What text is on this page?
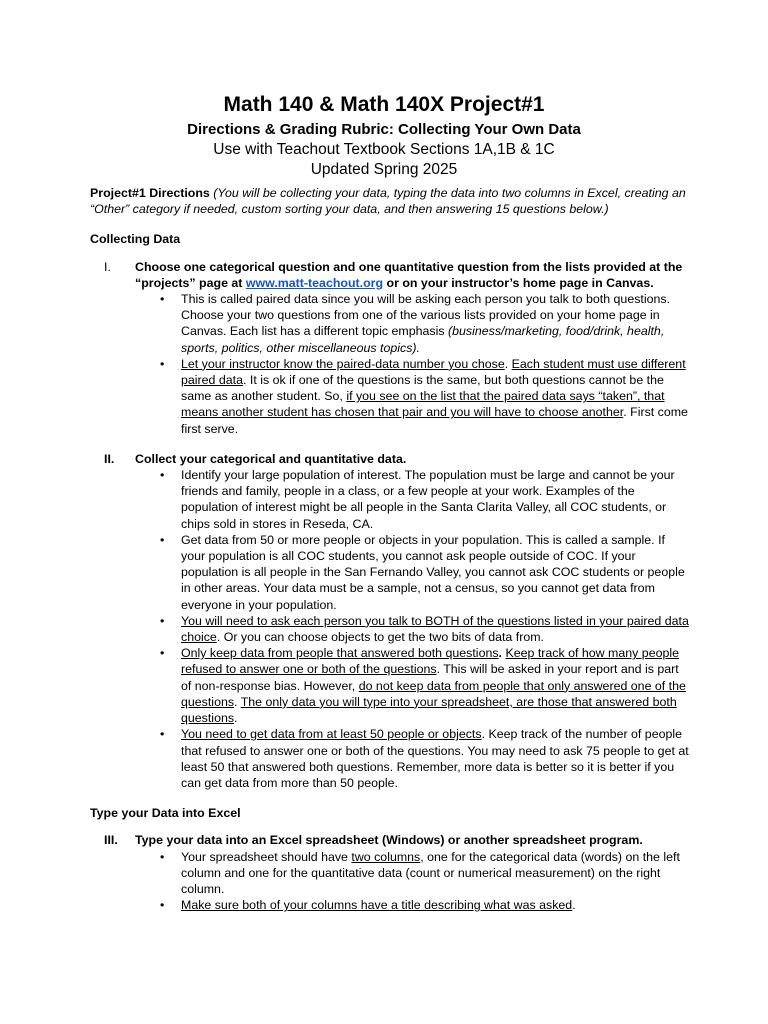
Math 140 & Math 140X Project#1
Directions & Grading Rubric: Collecting Your Own Data
Use with Teachout Textbook Sections 1A,1B & 1C
Updated Spring 2025

Project#1 Directions (You will be collecting your data, typing the data into two columns in Excel, creating an “Other” category if needed, custom sorting your data, and then answering 15 questions below.)

Collecting Data
I.	Choose one categorical question and one quantitative question from the lists provided at the “projects” page at www.matt-teachout.org or on your instructor’s home page in Canvas.
• This is called paired data since you will be asking each person you talk to both questions. Choose your two questions from one of the various lists provided on your home page in Canvas. Each list has a different topic emphasis (business/marketing, food/drink, health, sports, politics, other miscellaneous topics).
• Let your instructor know the paired-data number you chose. Each student must use different paired data. It is ok if one of the questions is the same, but both questions cannot be the same as another student. So, if you see on the list that the paired data says “taken”, that means another student has chosen that pair and you will have to choose another. First come first serve.
II.	Collect your categorical and quantitative data.
• Identify your large population of interest. The population must be large and cannot be your friends and family, people in a class, or a few people at your work. Examples of the population of interest might be all people in the Santa Clarita Valley, all COC students, or chips sold in stores in Reseda, CA.
• Get data from 50 or more people or objects in your population. This is called a sample. If your population is all COC students, you cannot ask people outside of COC. If your population is all people in the San Fernando Valley, you cannot ask COC students or people in other areas. Your data must be a sample, not a census, so you cannot get data from everyone in your population.
• You will need to ask each person you talk to BOTH of the questions listed in your paired data choice. Or you can choose objects to get the two bits of data from.
• Only keep data from people that answered both questions. Keep track of how many people refused to answer one or both of the questions. This will be asked in your report and is part of non-response bias. However, do not keep data from people that only answered one of the questions. The only data you will type into your spreadsheet, are those that answered both questions.
• You need to get data from at least 50 people or objects. Keep track of the number of people that refused to answer one or both of the questions. You may need to ask 75 people to get at least 50 that answered both questions. Remember, more data is better so it is better if you can get data from more than 50 people.
Type your Data into Excel
III.	Type your data into an Excel spreadsheet (Windows) or another spreadsheet program.
• Your spreadsheet should have two columns, one for the categorical data (words) on the left column and one for the quantitative data (count or numerical measurement) on the right column.
• Make sure both of your columns have a title describing what was asked.
